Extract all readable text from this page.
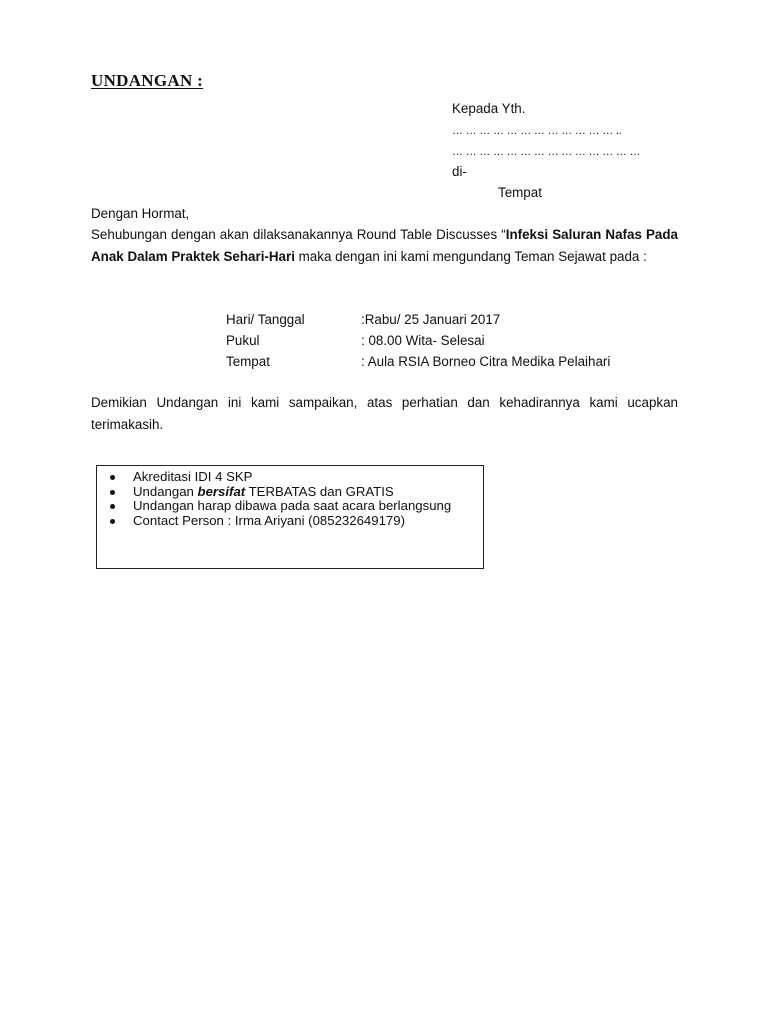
UNDANGAN :
Kepada Yth.
… … … … … … … … … … … … ..
… … … … … … … … … … … … … …
di-
Tempat
Dengan Hormat,
Sehubungan dengan akan dilaksanakannya Round Table Discusses “Infeksi Saluran Nafas Pada Anak Dalam Praktek Sehari-Hari maka dengan ini kami mengundang Teman Sejawat pada :
Hari/ Tanggal	:Rabu/ 25 Januari 2017
Pukul	: 08.00 Wita- Selesai
Tempat	: Aula RSIA Borneo Citra Medika Pelaihari
Demikian Undangan ini kami sampaikan, atas perhatian dan kehadirannya kami ucapkan terimakasih.
Akreditasi IDI 4 SKP
Undangan bersifat TERBATAS dan GRATIS
Undangan harap dibawa pada saat acara berlangsung
Contact Person : Irma Ariyani (085232649179)
